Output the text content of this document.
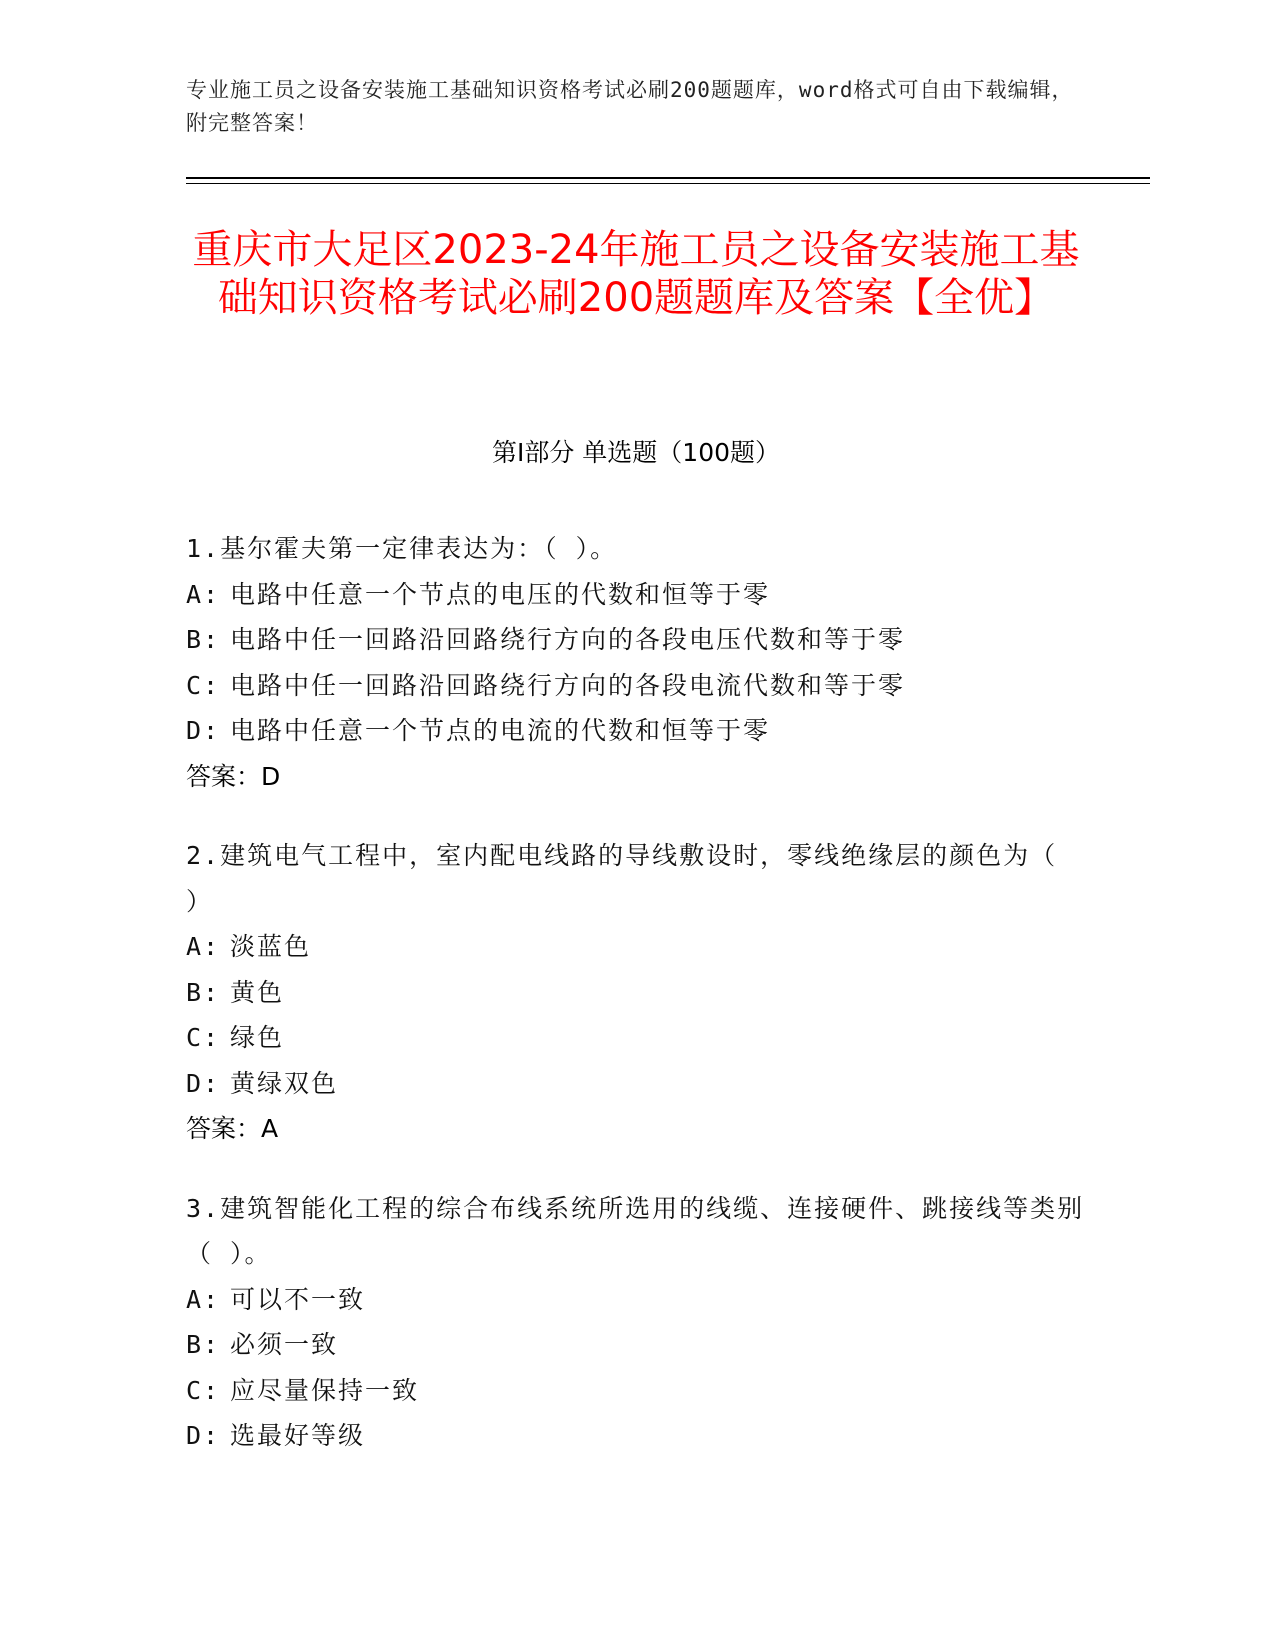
专业施工员之设备安装施工基础知识资格考试必刷200题题库，word格式可自由下载编辑，附完整答案！
重庆市大足区2023-24年施工员之设备安装施工基础知识资格考试必刷200题题库及答案【全优】
第Ⅰ部分 单选题（100题）

1.基尔霍夫第一定律表达为：（ ）。

A: 电路中任意一个节点的电压的代数和恒等于零

B: 电路中任一回路沿回路绕行方向的各段电压代数和等于零

C: 电路中任一回路沿回路绕行方向的各段电流代数和等于零

D: 电路中任意一个节点的电流的代数和恒等于零

答案：D

2.建筑电气工程中，室内配电线路的导线敷设时，零线绝缘层的颜色为（ ）

A: 淡蓝色

B: 黄色

C: 绿色

D: 黄绿双色

答案：A

3.建筑智能化工程的综合布线系统所选用的线缆、连接硬件、跳接线等类别（ ）。

A: 可以不一致

B: 必须一致

C: 应尽量保持一致

D: 选最好等级
